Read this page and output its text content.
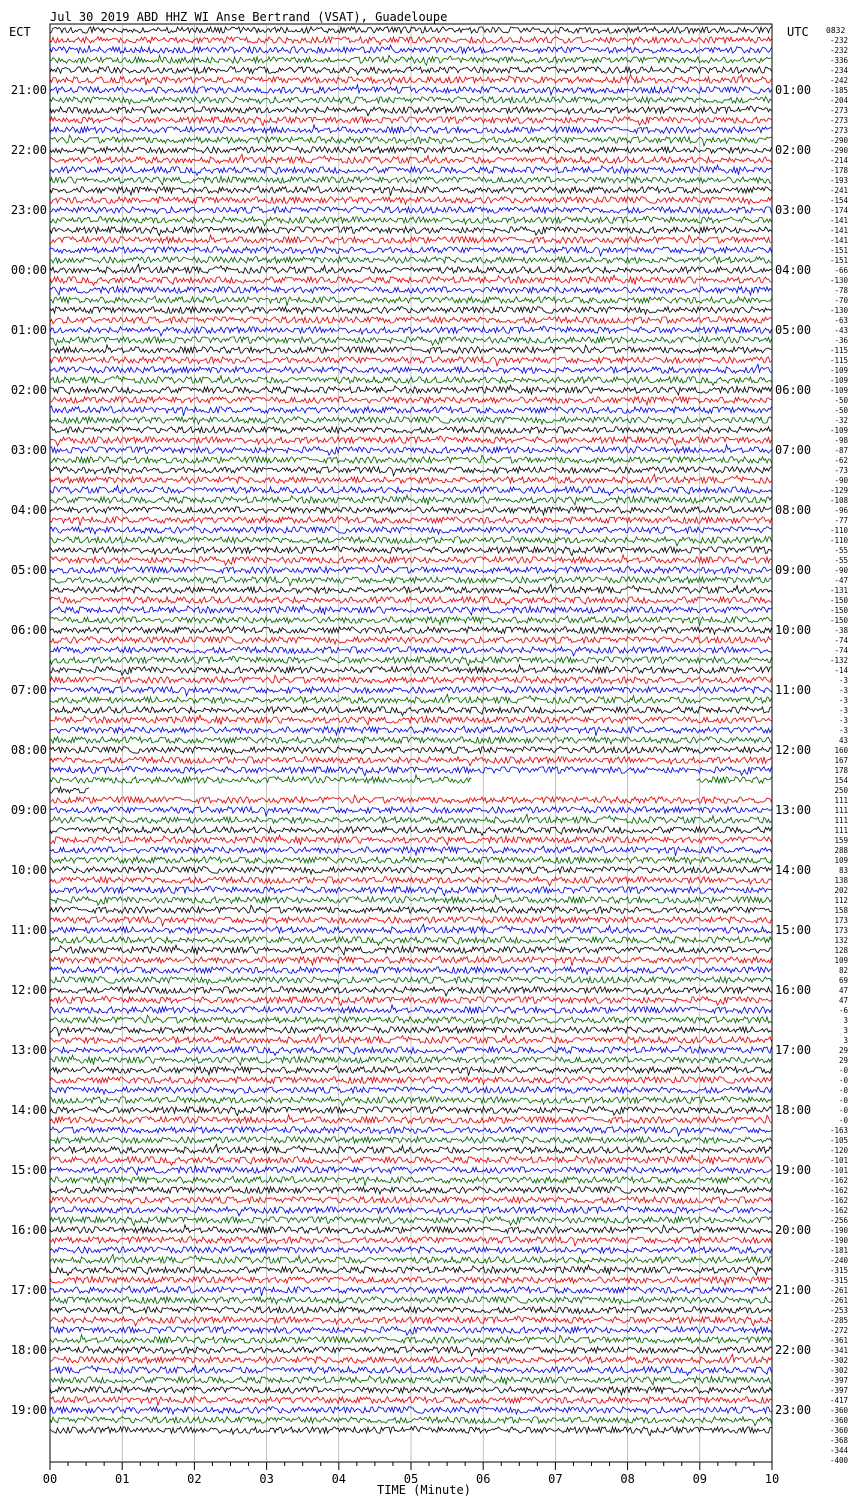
Jul 30 2019 ABD HHZ WI Anse Bertrand (VSAT), Guadeloupe
ECT	UTC 0832
21:00
22:00
23:00
00:00
01:00
02:00
03:00
04:00
05:00
06:00
07:00
08:00
09:00
10:00
11:00
12:00
13:00
14:00
15:00
16:00
17:00
18:00
19:00
01:00
02:00
03:00
04:00
05:00
06:00
07:00
08:00
09:00
10:00
11:00
12:00
13:00
14:00
15:00
16:00
17:00
18:00
19:00
20:00
21:00
22:00
23:00
-232
-232
-336
-234
-242
-185
-204
-273
-273
-273
-290
-290
-214
-178
-193
-241
-154
-174
-141
-141
-141
-151
-151
-66
-130
-78
-70
-130
-63
-43
-36
-115
-115
-109
-109
-109
-50
-50
-32
-109
-98
-87
-62
-73
-90
-129
-108
-96
-77
-110
-110
-55
-55
-90
-47
-131
-150
-150
-150
-38
-74
-74
-132
-14
-3
-3
-3
-3
-3
-3
43
160
167
178
154
250
111
111
111
111
159
288
109
83
138
202
112
158
173
173
132
128
109
82
69
47
47
-6
3
3
3
29
29
-0
-0
-0
-0
-0
-0
-163
-105
-120
-101
-101
-162
-162
-162
-162
-256
-190
-190
-181
-240
-315
-315
-261
-261
-253
-285
-272
-361
-341
-302
-302
-397
-397
-417
-360
-360
-360
-368
-344
-400
00	01	02	03	04	05	06	07	08	09	10
TIME (Minute)
